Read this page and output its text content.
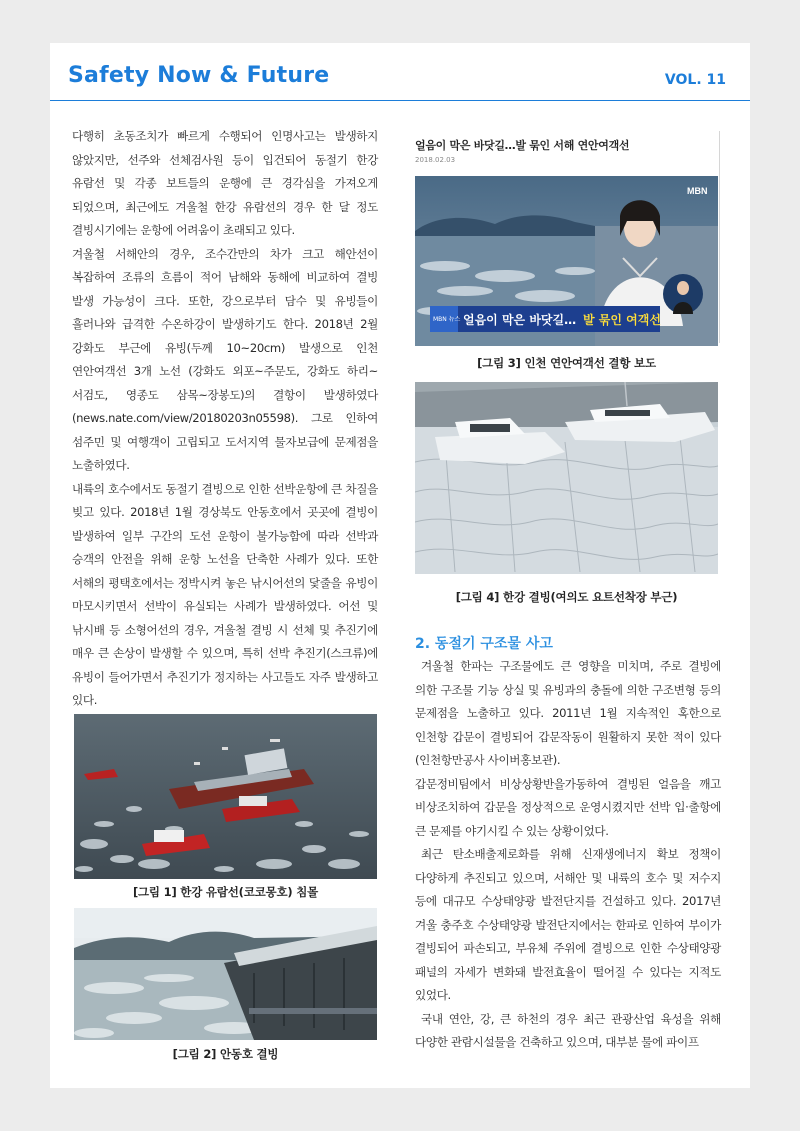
Safety Now & Future	VOL. 11

다행히 초동조치가 빠르게 수행되어 인명사고는 발생하지 않았지만, 선주와 선체검사원 등이 입건되어 동절기 한강 유람선 및 각종 보트들의 운행에 큰 경각심을 가져오게 되었으며, 최근에도 겨울철 한강 유람선의 경우 한 달 정도 결빙시기에는 운항에 어려움이 초래되고 있다.

겨울철 서해안의 경우, 조수간만의 차가 크고 해안선이 복잡하여 조류의 흐름이 적어 남해와 동해에 비교하여 결빙 발생 가능성이 크다. 또한, 강으로부터 담수 및 유빙들이 흘러나와 급격한 수온하강이 발생하기도 한다. 2018년 2월 강화도 부근에 유빙(두께 10~20cm) 발생으로 인천 연안여객선 3개 노선 (강화도 외포~주문도, 강화도 하리~서검도, 영종도 삼목~장봉도)의 결항이 발생하였다(news.nate.com/view/20180203n05598). 그로 인하여 섬주민 및 여행객이 고립되고 도서지역 물자보급에 문제점을 노출하였다.

내륙의 호수에서도 동절기 결빙으로 인한 선박운항에 큰 차질을 빚고 있다. 2018년 1월 경상북도 안동호에서 곳곳에 결빙이 발생하여 일부 구간의 도선 운항이 불가능함에 따라 선박과 승객의 안전을 위해 운항 노선을 단축한 사례가 있다. 또한 서해의 평택호에서는 정박시켜 놓은 낚시어선의 닻줄을 유빙이 마모시키면서 선박이 유실되는 사례가 발생하였다. 어선 및 낚시배 등 소형어선의 경우, 겨울철 결빙 시 선체 및 추진기에 매우 큰 손상이 발생할 수 있으며, 특히 선박 추진기(스크류)에 유빙이 들어가면서 추진기가 정지하는 사고들도 자주 발생하고 있다.

[그림 1] 한강 유람선(코코몽호) 침몰
[그림 2] 안동호 결빙
얼음이 막은 바닷길…발 묶인 서해 연안여객선
2018.02.03
MBN
MBN 뉴스 얼음이 막은 바닷길… 발 묶인 여객선
[그림 3] 인천 연안여객선 결항 보도
[그림 4] 한강 결빙(여의도 요트선착장 부근)
2. 동절기 구조물 사고

겨울철 한파는 구조물에도 큰 영향을 미치며, 주로 결빙에 의한 구조물 기능 상실 및 유빙과의 충돌에 의한 구조변형 등의 문제점을 노출하고 있다. 2011년 1월 지속적인 혹한으로 인천항 갑문이 결빙되어 갑문작동이 원활하지 못한 적이 있다(인천항만공사 사이버홍보관).

갑문정비팀에서 비상상황반을가동하여 결빙된 얼음을 깨고 비상조치하여 갑문을 정상적으로 운영시켰지만 선박 입·출항에 큰 문제를 야기시킬 수 있는 상황이었다.

최근 탄소배출제로화를 위해 신재생에너지 확보 정책이 다양하게 추진되고 있으며, 서해안 및 내륙의 호수 및 저수지 등에 대규모 수상태양광 발전단지를 건설하고 있다. 2017년 겨울 충주호 수상태양광 발전단지에서는 한파로 인하여 부이가 결빙되어 파손되고, 부유체 주위에 결빙으로 인한 수상태양광 패널의 자세가 변화돼 발전효율이 떨어질 수 있다는 지적도 있었다.

국내 연안, 강, 큰 하천의 경우 최근 관광산업 육성을 위해 다양한 관람시설물을 건축하고 있으며, 대부분 물에 파이프
